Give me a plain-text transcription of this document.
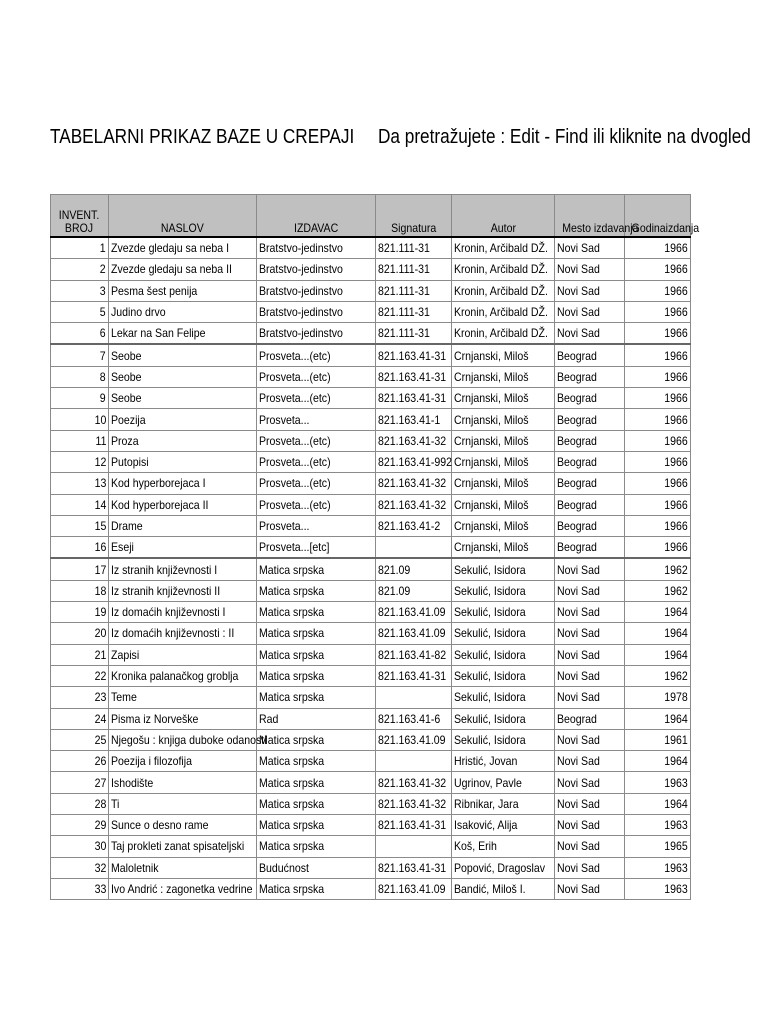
TABELARNI PRIKAZ BAZE U CREPAJI Da pretražujete : Edit - Find ili kliknite na dvogled
INVENT.
BROJ	NASLOV	IZDAVAC	Signatura	Autor	Mesto izdavanja	Godinaizdanja
1	Zvezde gledaju sa neba I	Bratstvo-jedinstvo	821.111-31	Kronin, Arčibald DŽ.	Novi Sad	1966
2	Zvezde gledaju sa neba II	Bratstvo-jedinstvo	821.111-31	Kronin, Arčibald DŽ.	Novi Sad	1966
3	Pesma šest penija	Bratstvo-jedinstvo	821.111-31	Kronin, Arčibald DŽ.	Novi Sad	1966
5	Judino drvo	Bratstvo-jedinstvo	821.111-31	Kronin, Arčibald DŽ.	Novi Sad	1966
6	Lekar na San Felipe	Bratstvo-jedinstvo	821.111-31	Kronin, Arčibald DŽ.	Novi Sad	1966
7	Seobe	Prosveta...(etc)	821.163.41-31	Crnjanski, Miloš	Beograd	1966
8	Seobe	Prosveta...(etc)	821.163.41-31	Crnjanski, Miloš	Beograd	1966
9	Seobe	Prosveta...(etc)	821.163.41-31	Crnjanski, Miloš	Beograd	1966
10	Poezija	Prosveta...	821.163.41-1	Crnjanski, Miloš	Beograd	1966
11	Proza	Prosveta...(etc)	821.163.41-32	Crnjanski, Miloš	Beograd	1966
12	Putopisi	Prosveta...(etc)	821.163.41-992	Crnjanski, Miloš	Beograd	1966
13	Kod hyperborejaca I	Prosveta...(etc)	821.163.41-32	Crnjanski, Miloš	Beograd	1966
14	Kod hyperborejaca II	Prosveta...(etc)	821.163.41-32	Crnjanski, Miloš	Beograd	1966
15	Drame	Prosveta...	821.163.41-2	Crnjanski, Miloš	Beograd	1966
16	Eseji	Prosveta...[etc]		Crnjanski, Miloš	Beograd	1966
17	Iz stranih književnosti I	Matica srpska	821.09	Sekulić, Isidora	Novi Sad	1962
18	Iz stranih književnosti II	Matica srpska	821.09	Sekulić, Isidora	Novi Sad	1962
19	Iz domaćih književnosti I	Matica srpska	821.163.41.09	Sekulić, Isidora	Novi Sad	1964
20	Iz domaćih književnosti : II	Matica srpska	821.163.41.09	Sekulić, Isidora	Novi Sad	1964
21	Zapisi	Matica srpska	821.163.41-82	Sekulić, Isidora	Novi Sad	1964
22	Kronika palanačkog groblja	Matica srpska	821.163.41-31	Sekulić, Isidora	Novi Sad	1962
23	Teme	Matica srpska		Sekulić, Isidora	Novi Sad	1978
24	Pisma iz Norveške	Rad	821.163.41-6	Sekulić, Isidora	Beograd	1964
25	Njegošu : knjiga duboke odanosti	Matica srpska	821.163.41.09	Sekulić, Isidora	Novi Sad	1961
26	Poezija i filozofija	Matica srpska		Hristić, Jovan	Novi Sad	1964
27	Ishodište	Matica srpska	821.163.41-32	Ugrinov, Pavle	Novi Sad	1963
28	Ti	Matica srpska	821.163.41-32	Ribnikar, Jara	Novi Sad	1964
29	Sunce o desno rame	Matica srpska	821.163.41-31	Isaković, Alija	Novi Sad	1963
30	Taj prokleti zanat spisateljski	Matica srpska		Koš, Erih	Novi Sad	1965
32	Maloletnik	Budućnost	821.163.41-31	Popović, Dragoslav	Novi Sad	1963
33	Ivo Andrić : zagonetka vedrine	Matica srpska	821.163.41.09	Bandić, Miloš I.	Novi Sad	1963
